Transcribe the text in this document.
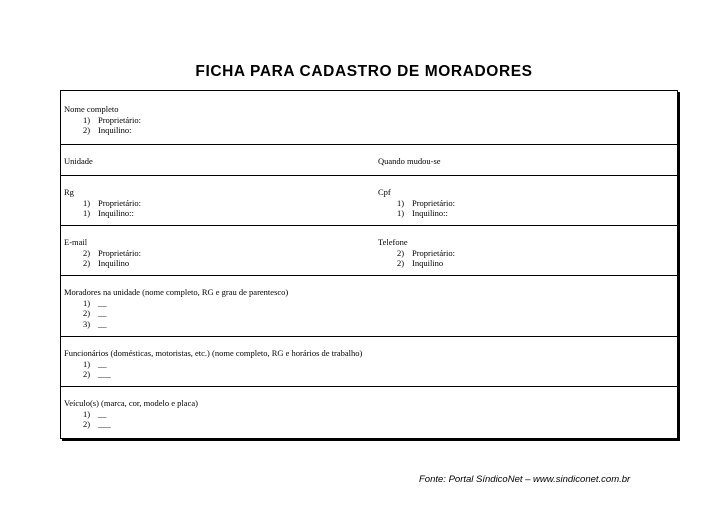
FICHA PARA CADASTRO DE MORADORES
Nome completo
1) Proprietário:
2) Inquilino:
Unidade	Quando mudou-se
Rg
1) Proprietário:
1) Inquilino::
Cpf
1) Proprietário:
1) Inquilino::
E-mail
2) Proprietário:
2) Inquilino
Telefone
2) Proprietário:
2) Inquilino
Moradores na unidade (nome completo, RG e grau de parentesco)
1) __
2) __
3) __
Funcionários (domésticas, motoristas, etc.) (nome completo, RG e horários de trabalho)
1) __
2) ___
Veículo(s) (marca, cor, modelo e placa)
1) __
2) ___
Fonte: Portal SíndicoNet – www.sindiconet.com.br
